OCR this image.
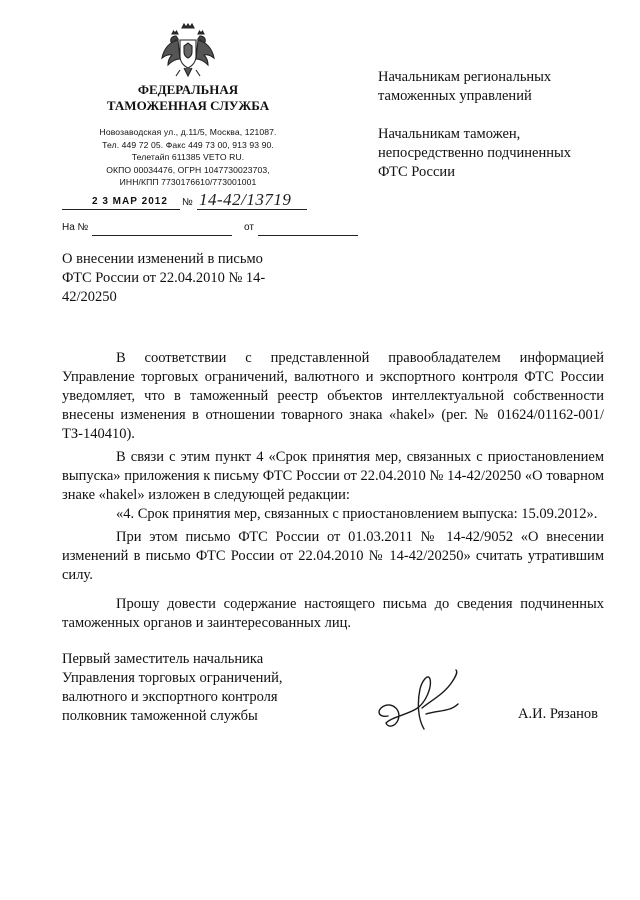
ФЕДЕРАЛЬНАЯ
ТАМОЖЕННАЯ СЛУЖБА
Новозаводская ул., д.11/5, Москва, 121087.
Тел. 449 72 05. Факс 449 73 00, 913 93 90.
Телетайп 611385 VETO RU.
ОКПО 00034476, ОГРН 1047730023703,
ИНН/КПП 7730176610/773001001
2 3 МАР 2012 № 14-42/13719
На №	от
Начальникам региональных
таможенных управлений
Начальникам таможен,
непосредственно подчиненных
ФТС России
О внесении изменений в письмо
ФТС России от 22.04.2010 № 14-
42/20250

В соответствии с представленной правообладателем информацией Управление торговых ограничений, валютного и экспортного контроля ФТС России уведомляет, что в таможенный реестр объектов интеллектуальной собственности внесены изменения в отношении товарного знака «hakel» (рег. № 01624/01162-001/ТЗ-140410).

В связи с этим пункт 4 «Срок принятия мер, связанных с приостановлением выпуска» приложения к письму ФТС России от 22.04.2010 № 14-42/20250 «О товарном знаке «hakel» изложен в следующей редакции:

«4. Срок принятия мер, связанных с приостановлением выпуска: 15.09.2012».

При этом письмо ФТС России от 01.03.2011 № 14-42/9052 «О внесении изменений в письмо ФТС России от 22.04.2010 № 14-42/20250» считать утратившим силу.

Прошу довести содержание настоящего письма до сведения подчиненных таможенных органов и заинтересованных лиц.

Первый заместитель начальника
Управления торговых ограничений,
валютного и экспортного контроля
полковник таможенной службы	А.И. Рязанов
